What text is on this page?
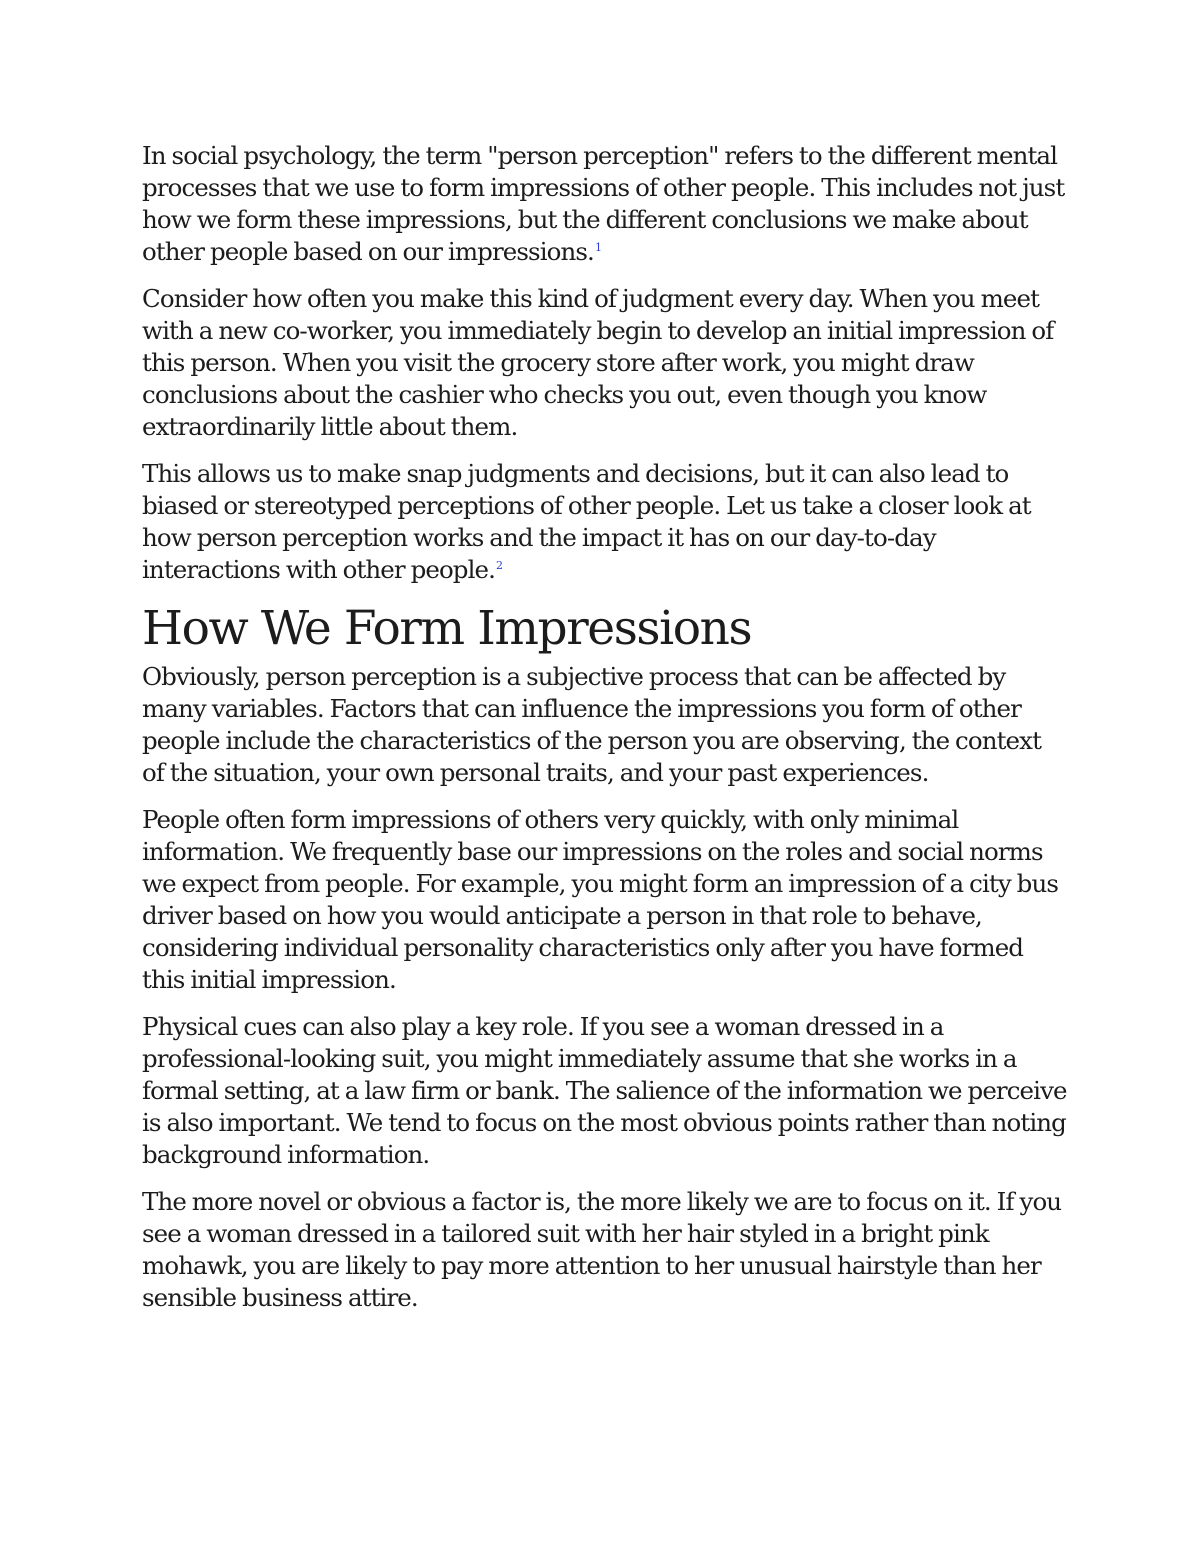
In social psychology, the term "person perception" refers to the different mental processes that we use to form impressions of other people. This includes not just how we form these impressions, but the different conclusions we make about other people based on our impressions.$^1$

Consider how often you make this kind of judgment every day. When you meet with a new co-worker, you immediately begin to develop an initial impression of this person. When you visit the grocery store after work, you might draw conclusions about the cashier who checks you out, even though you know extraordinarily little about them.

This allows us to make snap judgments and decisions, but it can also lead to biased or stereotyped perceptions of other people. Let us take a closer look at how person perception works and the impact it has on our day-to-day interactions with other people.$^2$

How We Form Impressions

Obviously, person perception is a subjective process that can be affected by many variables. Factors that can influence the impressions you form of other people include the characteristics of the person you are observing, the context of the situation, your own personal traits, and your past experiences.

People often form impressions of others very quickly, with only minimal information. We frequently base our impressions on the roles and social norms we expect from people. For example, you might form an impression of a city bus driver based on how you would anticipate a person in that role to behave, considering individual personality characteristics only after you have formed this initial impression.

Physical cues can also play a key role. If you see a woman dressed in a professional-looking suit, you might immediately assume that she works in a formal setting, at a law firm or bank. The salience of the information we perceive is also important. We tend to focus on the most obvious points rather than noting background information.

The more novel or obvious a factor is, the more likely we are to focus on it. If you see a woman dressed in a tailored suit with her hair styled in a bright pink mohawk, you are likely to pay more attention to her unusual hairstyle than her sensible business attire.
